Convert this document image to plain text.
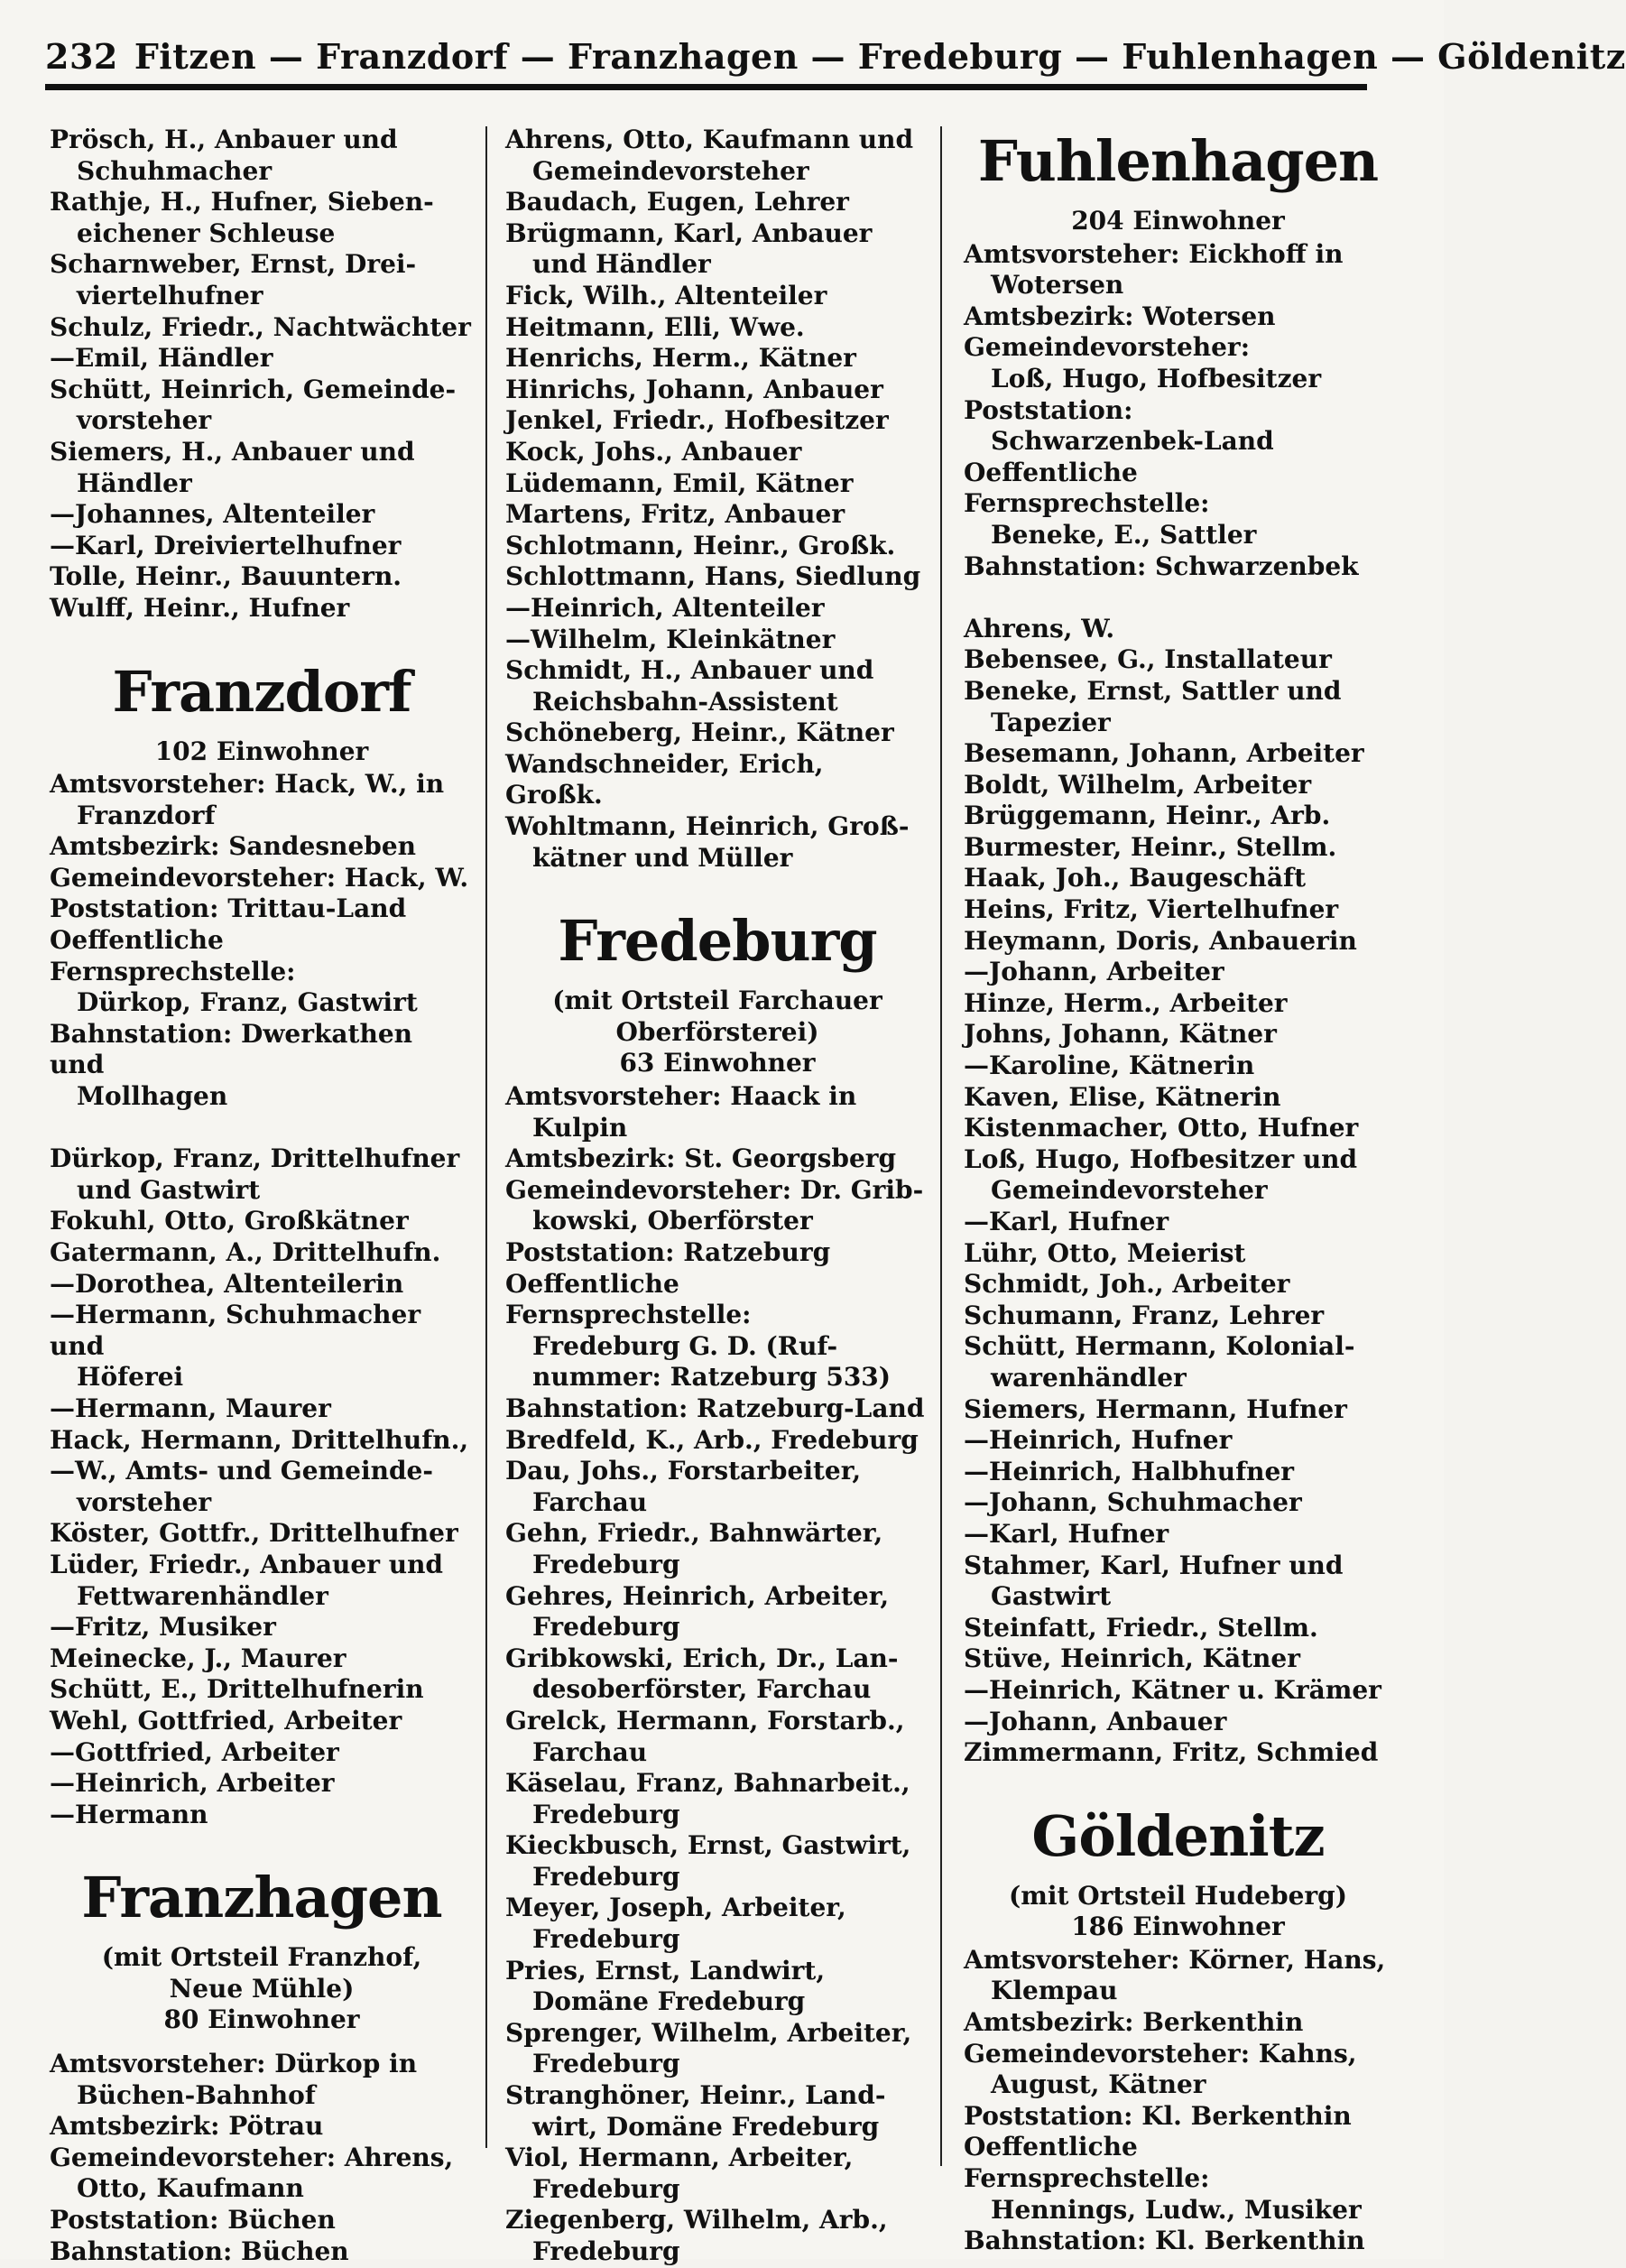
232 Fitzen — Franzdorf — Franzhagen — Fredeburg — Fuhlenhagen — Göldenitz
Prösch, H., Anbauer und
Schuhmacher
Rathje, H., Hufner, Sieben-
eichener Schleuse
Scharnweber, Ernst, Drei-
viertelhufner
Schulz, Friedr., Nachtwächter
—Emil, Händler
Schütt, Heinrich, Gemeinde-
vorsteher
Siemers, H., Anbauer und
Händler
—Johannes, Altenteiler
—Karl, Dreiviertelhufner
Tolle, Heinr., Bauuntern.
Wulff, Heinr., Hufner
Franzdorf
102 Einwohner
Amtsvorsteher: Hack, W., in
Franzdorf
Amtsbezirk: Sandesneben
Gemeindevorsteher: Hack, W.
Poststation: Trittau-Land
Oeffentliche Fernsprechstelle:
Dürkop, Franz, Gastwirt
Bahnstation: Dwerkathen und
Mollhagen
Dürkop, Franz, Drittelhufner
und Gastwirt
Fokuhl, Otto, Großkätner
Gatermann, A., Drittelhufn.
—Dorothea, Altenteilerin
—Hermann, Schuhmacher und
Höferei
—Hermann, Maurer
Hack, Hermann, Drittelhufn.,
—W., Amts- und Gemeinde-
vorsteher
Köster, Gottfr., Drittelhufner
Lüder, Friedr., Anbauer und
Fettwarenhändler
—Fritz, Musiker
Meinecke, J., Maurer
Schütt, E., Drittelhufnerin
Wehl, Gottfried, Arbeiter
—Gottfried, Arbeiter
—Heinrich, Arbeiter
—Hermann
Franzhagen
(mit Ortsteil Franzhof,
Neue Mühle)
80 Einwohner
Amtsvorsteher: Dürkop in
Büchen-Bahnhof
Amtsbezirk: Pötrau
Gemeindevorsteher: Ahrens,
Otto, Kaufmann
Poststation: Büchen
Bahnstation: Büchen
Ahrens, Otto, Kaufmann und
Gemeindevorsteher
Baudach, Eugen, Lehrer
Brügmann, Karl, Anbauer
und Händler
Fick, Wilh., Altenteiler
Heitmann, Elli, Wwe.
Henrichs, Herm., Kätner
Hinrichs, Johann, Anbauer
Jenkel, Friedr., Hofbesitzer
Kock, Johs., Anbauer
Lüdemann, Emil, Kätner
Martens, Fritz, Anbauer
Schlotmann, Heinr., Großk.
Schlottmann, Hans, Siedlung
—Heinrich, Altenteiler
—Wilhelm, Kleinkätner
Schmidt, H., Anbauer und
Reichsbahn-Assistent
Schöneberg, Heinr., Kätner
Wandschneider, Erich, Großk.
Wohltmann, Heinrich, Groß-
kätner und Müller
Fredeburg
(mit Ortsteil Farchauer
Oberförsterei)
63 Einwohner
Amtsvorsteher: Haack in
Kulpin
Amtsbezirk: St. Georgsberg
Gemeindevorsteher: Dr. Grib-
kowski, Oberförster
Poststation: Ratzeburg
Oeffentliche Fernsprechstelle:
Fredeburg G. D. (Ruf-
nummer: Ratzeburg 533)
Bahnstation: Ratzeburg-Land
Bredfeld, K., Arb., Fredeburg
Dau, Johs., Forstarbeiter,
Farchau
Gehn, Friedr., Bahnwärter,
Fredeburg
Gehres, Heinrich, Arbeiter,
Fredeburg
Gribkowski, Erich, Dr., Lan-
desoberförster, Farchau
Grelck, Hermann, Forstarb.,
Farchau
Käselau, Franz, Bahnarbeit.,
Fredeburg
Kieckbusch, Ernst, Gastwirt,
Fredeburg
Meyer, Joseph, Arbeiter,
Fredeburg
Pries, Ernst, Landwirt,
Domäne Fredeburg
Sprenger, Wilhelm, Arbeiter,
Fredeburg
Stranghöner, Heinr., Land-
wirt, Domäne Fredeburg
Viol, Hermann, Arbeiter,
Fredeburg
Ziegenberg, Wilhelm, Arb.,
Fredeburg
Fuhlenhagen
204 Einwohner
Amtsvorsteher: Eickhoff in
Wotersen
Amtsbezirk: Wotersen
Gemeindevorsteher:
Loß, Hugo, Hofbesitzer
Poststation:
Schwarzenbek-Land
Oeffentliche Fernsprechstelle:
Beneke, E., Sattler
Bahnstation: Schwarzenbek
Ahrens, W.
Bebensee, G., Installateur
Beneke, Ernst, Sattler und
Tapezier
Besemann, Johann, Arbeiter
Boldt, Wilhelm, Arbeiter
Brüggemann, Heinr., Arb.
Burmester, Heinr., Stellm.
Haak, Joh., Baugeschäft
Heins, Fritz, Viertelhufner
Heymann, Doris, Anbauerin
—Johann, Arbeiter
Hinze, Herm., Arbeiter
Johns, Johann, Kätner
—Karoline, Kätnerin
Kaven, Elise, Kätnerin
Kistenmacher, Otto, Hufner
Loß, Hugo, Hofbesitzer und
Gemeindevorsteher
—Karl, Hufner
Lühr, Otto, Meierist
Schmidt, Joh., Arbeiter
Schumann, Franz, Lehrer
Schütt, Hermann, Kolonial-
warenhändler
Siemers, Hermann, Hufner
—Heinrich, Hufner
—Heinrich, Halbhufner
—Johann, Schuhmacher
—Karl, Hufner
Stahmer, Karl, Hufner und
Gastwirt
Steinfatt, Friedr., Stellm.
Stüve, Heinrich, Kätner
—Heinrich, Kätner u. Krämer
—Johann, Anbauer
Zimmermann, Fritz, Schmied
Göldenitz
(mit Ortsteil Hudeberg)
186 Einwohner
Amtsvorsteher: Körner, Hans,
Klempau
Amtsbezirk: Berkenthin
Gemeindevorsteher: Kahns,
August, Kätner
Poststation: Kl. Berkenthin
Oeffentliche Fernsprechstelle:
Hennings, Ludw., Musiker
Bahnstation: Kl. Berkenthin
